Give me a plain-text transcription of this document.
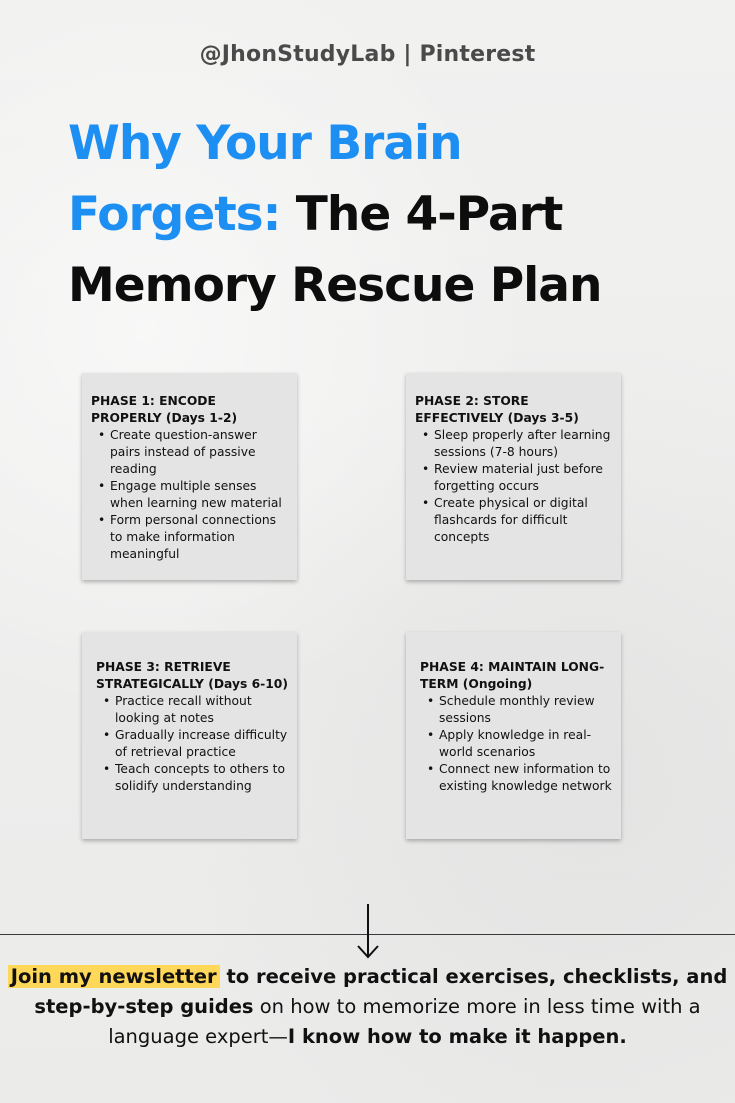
@JhonStudyLab | Pinterest
Why Your Brain
Forgets: The 4-Part
Memory Rescue Plan
PHASE 1: ENCODE PROPERLY (Days 1-2)
• Create question-answer pairs instead of passive reading
• Engage multiple senses when learning new material
• Form personal connections to make information meaningful
PHASE 2: STORE EFFECTIVELY (Days 3-5)
• Sleep properly after learning sessions (7-8 hours)
• Review material just before forgetting occurs
• Create physical or digital flashcards for difficult concepts
PHASE 3: RETRIEVE STRATEGICALLY (Days 6-10)
• Practice recall without looking at notes
• Gradually increase difficulty of retrieval practice
• Teach concepts to others to solidify understanding
PHASE 4: MAINTAIN LONG-TERM (Ongoing)
• Schedule monthly review sessions
• Apply knowledge in real-world scenarios
• Connect new information to existing knowledge network
Join my newsletter to receive practical exercises, checklists, and step-by-step guides on how to memorize more in less time with a language expert—I know how to make it happen.
